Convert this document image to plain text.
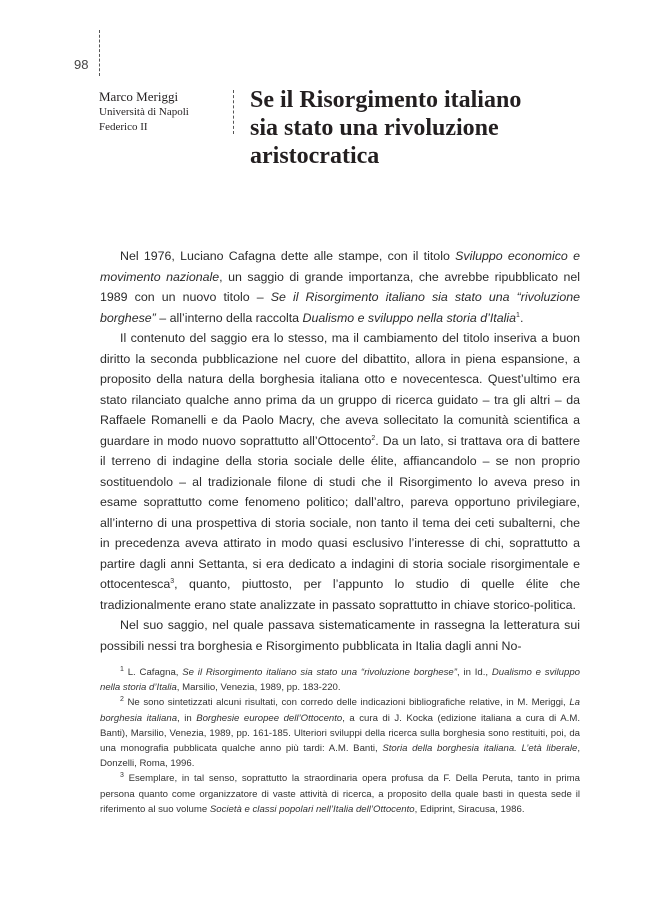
98
Marco Meriggi
Università di Napoli
Federico II
Se il Risorgimento italiano
sia stato una rivoluzione
aristocratica

Nel 1976, Luciano Cafagna dette alle stampe, con il titolo Sviluppo economico e movimento nazionale, un saggio di grande importanza, che avrebbe ripubblicato nel 1989 con un nuovo titolo – Se il Risorgimento italiano sia stato una “rivoluzione borghese” – all’interno della raccolta Dualismo e sviluppo nella storia d’Italia$^1$.

Il contenuto del saggio era lo stesso, ma il cambiamento del titolo inseriva a buon diritto la seconda pubblicazione nel cuore del dibattito, allora in piena espansione, a proposito della natura della borghesia italiana otto e novecentesca. Quest’ultimo era stato rilanciato qualche anno prima da un gruppo di ricerca guidato – tra gli altri – da Raffaele Romanelli e da Paolo Macry, che aveva sollecitato la comunità scientifica a guardare in modo nuovo soprattutto all’Ottocento$^2$. Da un lato, si trattava ora di battere il terreno di indagine della storia sociale delle élite, affiancandolo – se non proprio sostituendolo – al tradizionale filone di studi che il Risorgimento lo aveva preso in esame soprattutto come fenomeno politico; dall’altro, pareva opportuno privilegiare, all’interno di una prospettiva di storia sociale, non tanto il tema dei ceti subalterni, che in precedenza aveva attirato in modo quasi esclusivo l’interesse di chi, soprattutto a partire dagli anni Settanta, si era dedicato a indagini di storia sociale risorgimentale e ottocentesca$^3$, quanto, piuttosto, per l’appunto lo studio di quelle élite che tradizionalmente erano state analizzate in passato soprattutto in chiave storico-politica.

Nel suo saggio, nel quale passava sistematicamente in rassegna la letteratura sui possibili nessi tra borghesia e Risorgimento pubblicata in Italia dagli anni No-

$^1$ L. Cafagna, Se il Risorgimento italiano sia stato una “rivoluzione borghese”, in Id., Dualismo e sviluppo nella storia d’Italia, Marsilio, Venezia, 1989, pp. 183-220.

$^2$ Ne sono sintetizzati alcuni risultati, con corredo delle indicazioni bibliografiche relative, in M. Meriggi, La borghesia italiana, in Borghesie europee dell’Ottocento, a cura di J. Kocka (edizione italiana a cura di A.M. Banti), Marsilio, Venezia, 1989, pp. 161-185. Ulteriori sviluppi della ricerca sulla borghesia sono restituiti, poi, da una monografia pubblicata qualche anno più tardi: A.M. Banti, Storia della borghesia italiana. L’età liberale, Donzelli, Roma, 1996.

$^3$ Esemplare, in tal senso, soprattutto la straordinaria opera profusa da F. Della Peruta, tanto in prima persona quanto come organizzatore di vaste attività di ricerca, a proposito della quale basti in questa sede il riferimento al suo volume Società e classi popolari nell’Italia dell’Ottocento, Ediprint, Siracusa, 1986.
